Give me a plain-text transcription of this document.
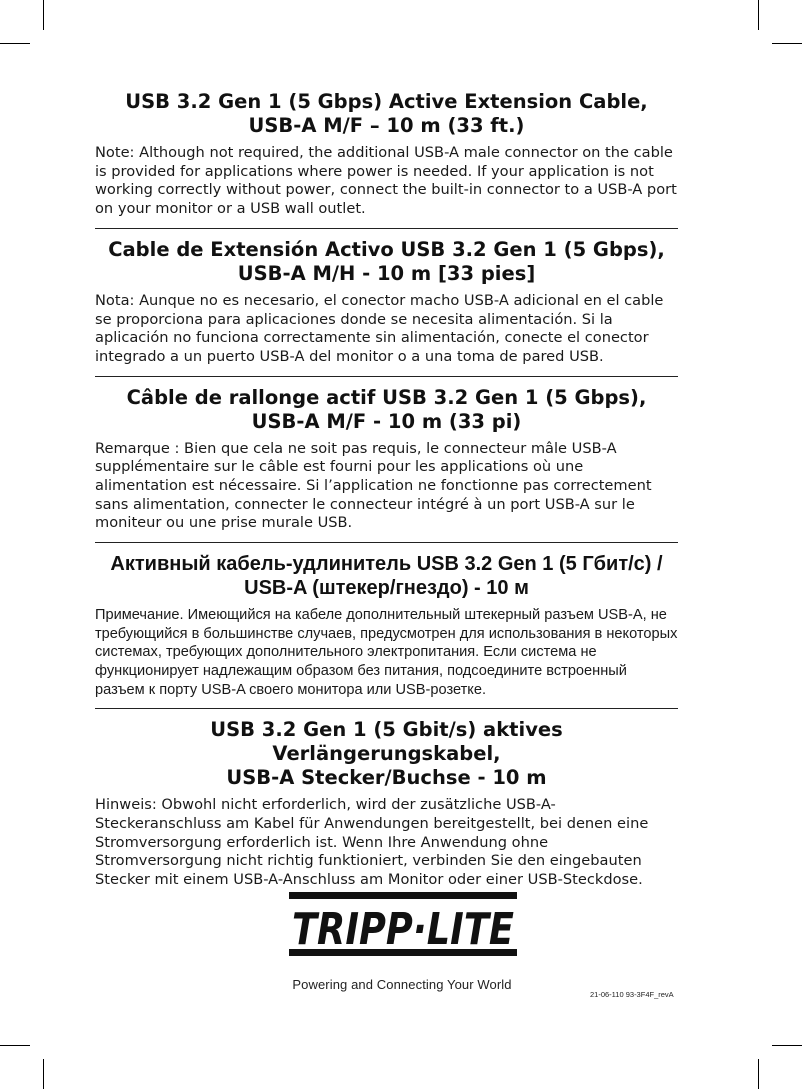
USB 3.2 Gen 1 (5 Gbps) Active Extension Cable,
USB-A M/F – 10 m (33 ft.)

Note: Although not required, the additional USB-A male connector on the cable is provided for applications where power is needed. If your application is not working correctly without power, connect the built-in connector to a USB-A port on your monitor or a USB wall outlet.

Cable de Extensión Activo USB 3.2 Gen 1 (5 Gbps),
USB-A M/H - 10 m [33 pies]

Nota: Aunque no es necesario, el conector macho USB-A adicional en el cable se proporciona para aplicaciones donde se necesita alimentación. Si la aplicación no funciona correctamente sin alimentación, conecte el conector integrado a un puerto USB-A del monitor o a una toma de pared USB.

Câble de rallonge actif USB 3.2 Gen 1 (5 Gbps),
USB-A M/F - 10 m (33 pi)

Remarque : Bien que cela ne soit pas requis, le connecteur mâle USB-A supplémentaire sur le câble est fourni pour les applications où une alimentation est nécessaire. Si l’application ne fonctionne pas correctement sans alimentation, connecter le connecteur intégré à un port USB-A sur le moniteur ou une prise murale USB.

Активный кабель-удлинитель USB 3.2 Gen 1 (5 Гбит/с) /
USB-A (штекер/гнездо) - 10 м

Примечание. Имеющийся на кабеле дополнительный штекерный разъем USB-A, не требующийся в большинстве случаев, предусмотрен для использования в некоторых системах, требующих дополнительного электропитания. Если система не функционирует надлежащим образом без питания, подсоедините встроенный разъем к порту USB-A своего монитора или USB-розетке.

USB 3.2 Gen 1 (5 Gbit/s) aktives Verlängerungskabel,
USB-A Stecker/Buchse - 10 m

Hinweis: Obwohl nicht erforderlich, wird der zusätzliche USB-A-Steckeranschluss am Kabel für Anwendungen bereitgestellt, bei denen eine Stromversorgung erforderlich ist. Wenn Ihre Anwendung ohne Stromversorgung nicht richtig funktioniert, verbinden Sie den eingebauten Stecker mit einem USB-A-Anschluss am Monitor oder einer USB-Steckdose.

TRIPP·LITE
Powering and Connecting Your World
21-06-110 93-3F4F_revA
